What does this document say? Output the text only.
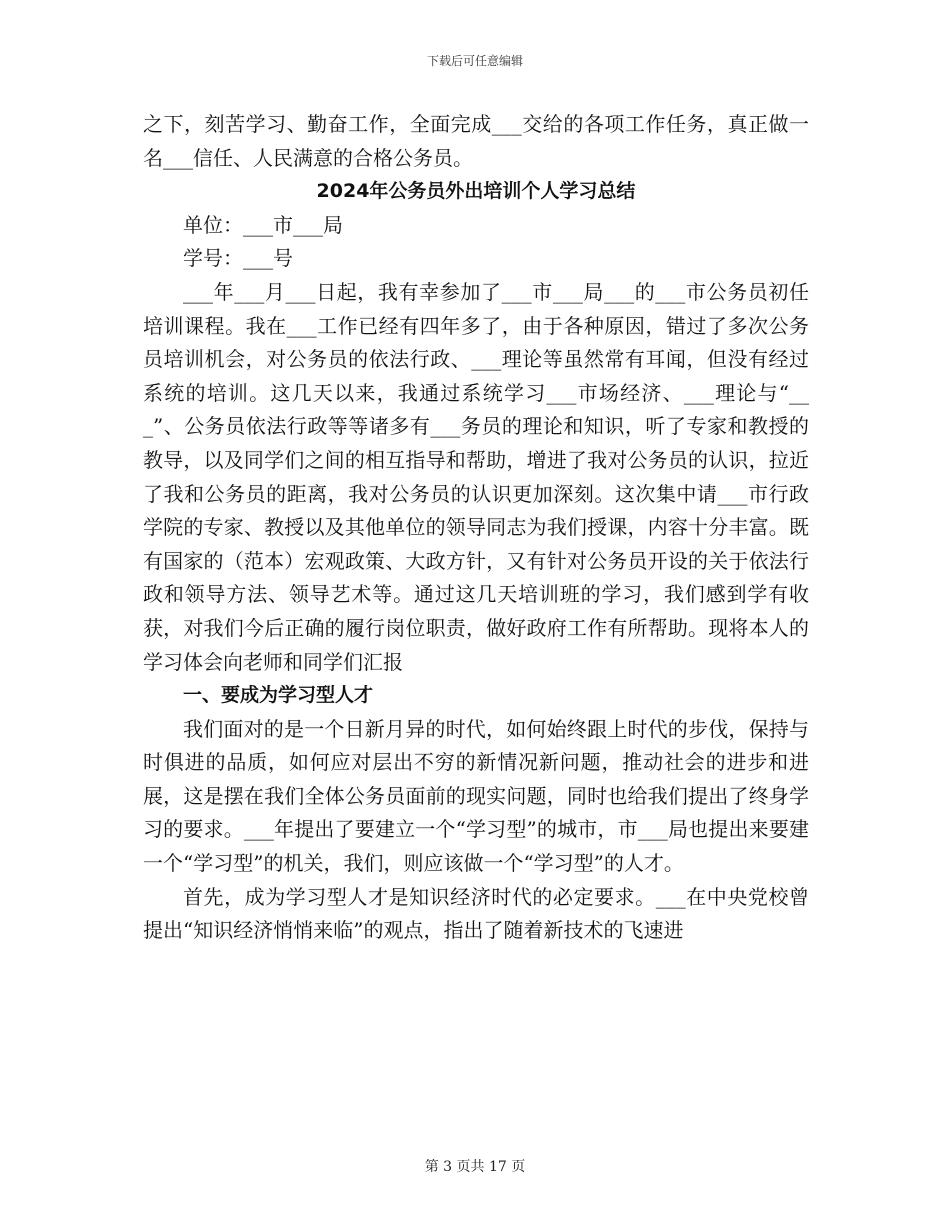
下载后可任意编辑

之下，刻苦学习、勤奋工作，全面完成___交给的各项工作任务，真正做一名___信任、人民满意的合格公务员。

2024年公务员外出培训个人学习总结

单位：___市___局

学号：___号

___年___月___日起，我有幸参加了___市___局___的___市公务员初任培训课程。我在___工作已经有四年多了，由于各种原因，错过了多次公务员培训机会，对公务员的依法行政、___理论等虽然常有耳闻，但没有经过系统的培训。这几天以来，我通过系统学习___市场经济、___理论与“___”、公务员依法行政等等诸多有___务员的理论和知识，听了专家和教授的教导，以及同学们之间的相互指导和帮助，增进了我对公务员的认识，拉近了我和公务员的距离，我对公务员的认识更加深刻。这次集中请___市行政学院的专家、教授以及其他单位的领导同志为我们授课，内容十分丰富。既有国家的（范本）宏观政策、大政方针，又有针对公务员开设的关于依法行政和领导方法、领导艺术等。通过这几天培训班的学习，我们感到学有收获，对我们今后正确的履行岗位职责，做好政府工作有所帮助。现将本人的学习体会向老师和同学们汇报

一、要成为学习型人才

我们面对的是一个日新月异的时代，如何始终跟上时代的步伐，保持与时俱进的品质，如何应对层出不穷的新情况新问题，推动社会的进步和进展，这是摆在我们全体公务员面前的现实问题，同时也给我们提出了终身学习的要求。___年提出了要建立一个“学习型”的城市，市___局也提出来要建一个“学习型”的机关，我们，则应该做一个“学习型”的人才。

首先，成为学习型人才是知识经济时代的必定要求。___在中央党校曾提出“知识经济悄悄来临”的观点，指出了随着新技术的飞速进

第 3 页共 17 页
